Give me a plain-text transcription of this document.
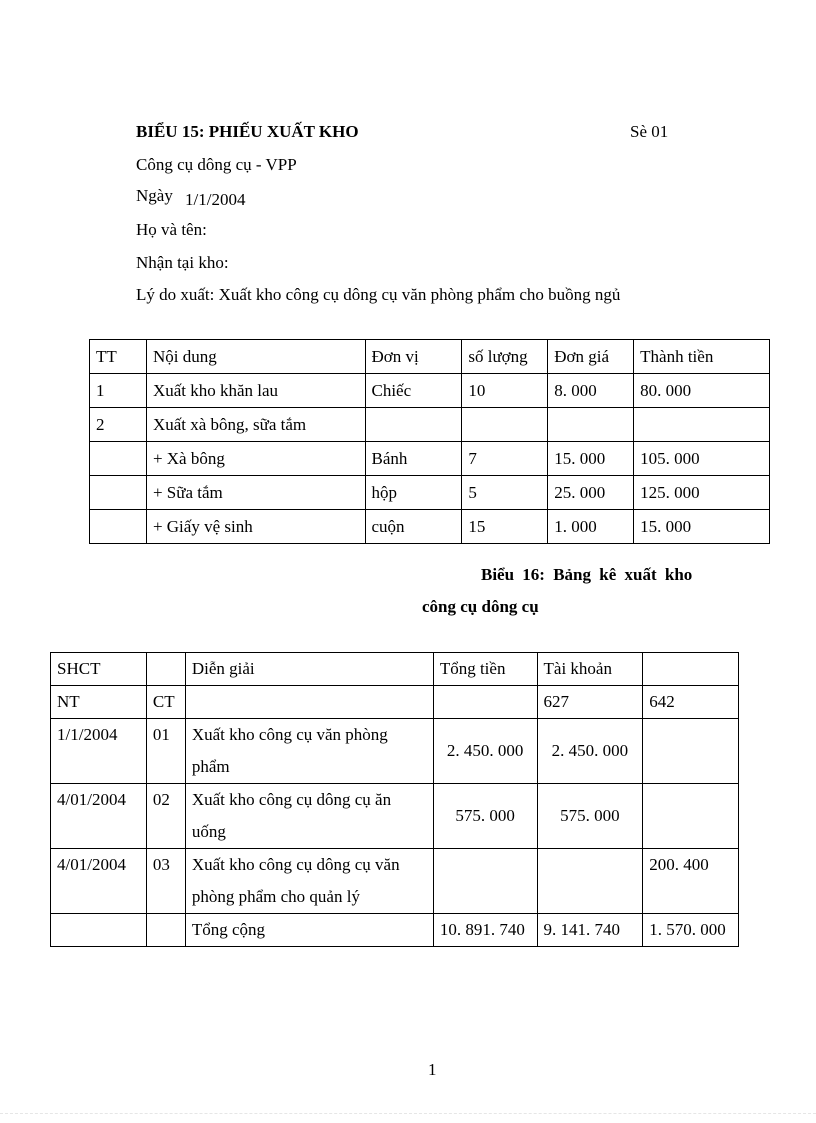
BIỂU 15: PHIẾU XUẤT KHO	Sè 01
Công cụ dông cụ - VPP
Ngày 1/1/2004
Họ và tên:
Nhận tại kho:
Lý do xuất: Xuất kho công cụ dông cụ văn phòng phẩm cho buồng ngủ
TT	Nội dung	Đơn vị	số lượng	Đơn giá	Thành tiền
1	Xuất kho khăn lau	Chiếc	10	8. 000	80. 000
2	Xuất xà bông, sữa tắm				
	+ Xà bông	Bánh	7	15. 000	105. 000
	+ Sữa tắm	hộp	5	25. 000	125. 000
	+ Giấy vệ sinh	cuộn	15	1. 000	15. 000
Biểu 16: Bảng kê xuất kho
công cụ dông cụ
SHCT		Diễn giải	Tổng tiền	Tài khoản	
NT	CT			627	642
1/1/2004	01	Xuất kho công cụ văn phòng phẩm	2. 450. 000	2. 450. 000	
4/01/2004	02	Xuất kho công cụ dông cụ ăn uống	575. 000	575. 000	
4/01/2004	03	Xuất kho công cụ dông cụ văn phòng phẩm cho quản lý			200. 400
		Tổng cộng	10. 891. 740	9. 141. 740	1. 570. 000
1
